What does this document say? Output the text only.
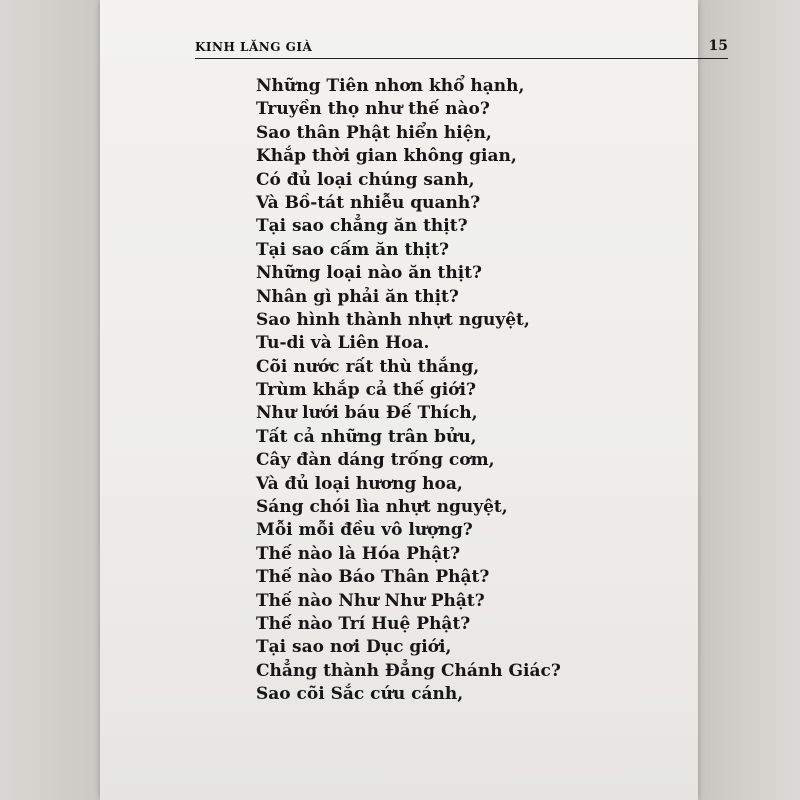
KINH LĂNG GIÀ	15
Những Tiên nhơn khổ hạnh,
Truyền thọ như thế nào?
Sao thân Phật hiển hiện,
Khắp thời gian không gian,
Có đủ loại chúng sanh,
Và Bồ-tát nhiễu quanh?
Tại sao chẳng ăn thịt?
Tại sao cấm ăn thịt?
Những loại nào ăn thịt?
Nhân gì phải ăn thịt?
Sao hình thành nhựt nguyệt,
Tu-di và Liên Hoa.
Cõi nước rất thù thắng,
Trùm khắp cả thế giới?
Như lưới báu Đế Thích,
Tất cả những trân bửu,
Cây đàn dáng trống cơm,
Và đủ loại hương hoa,
Sáng chói lìa nhựt nguyệt,
Mỗi mỗi đều vô lượng?
Thế nào là Hóa Phật?
Thế nào Báo Thân Phật?
Thế nào Như Như Phật?
Thế nào Trí Huệ Phật?
Tại sao nơi Dục giới,
Chẳng thành Đẳng Chánh Giác?
Sao cõi Sắc cứu cánh,
